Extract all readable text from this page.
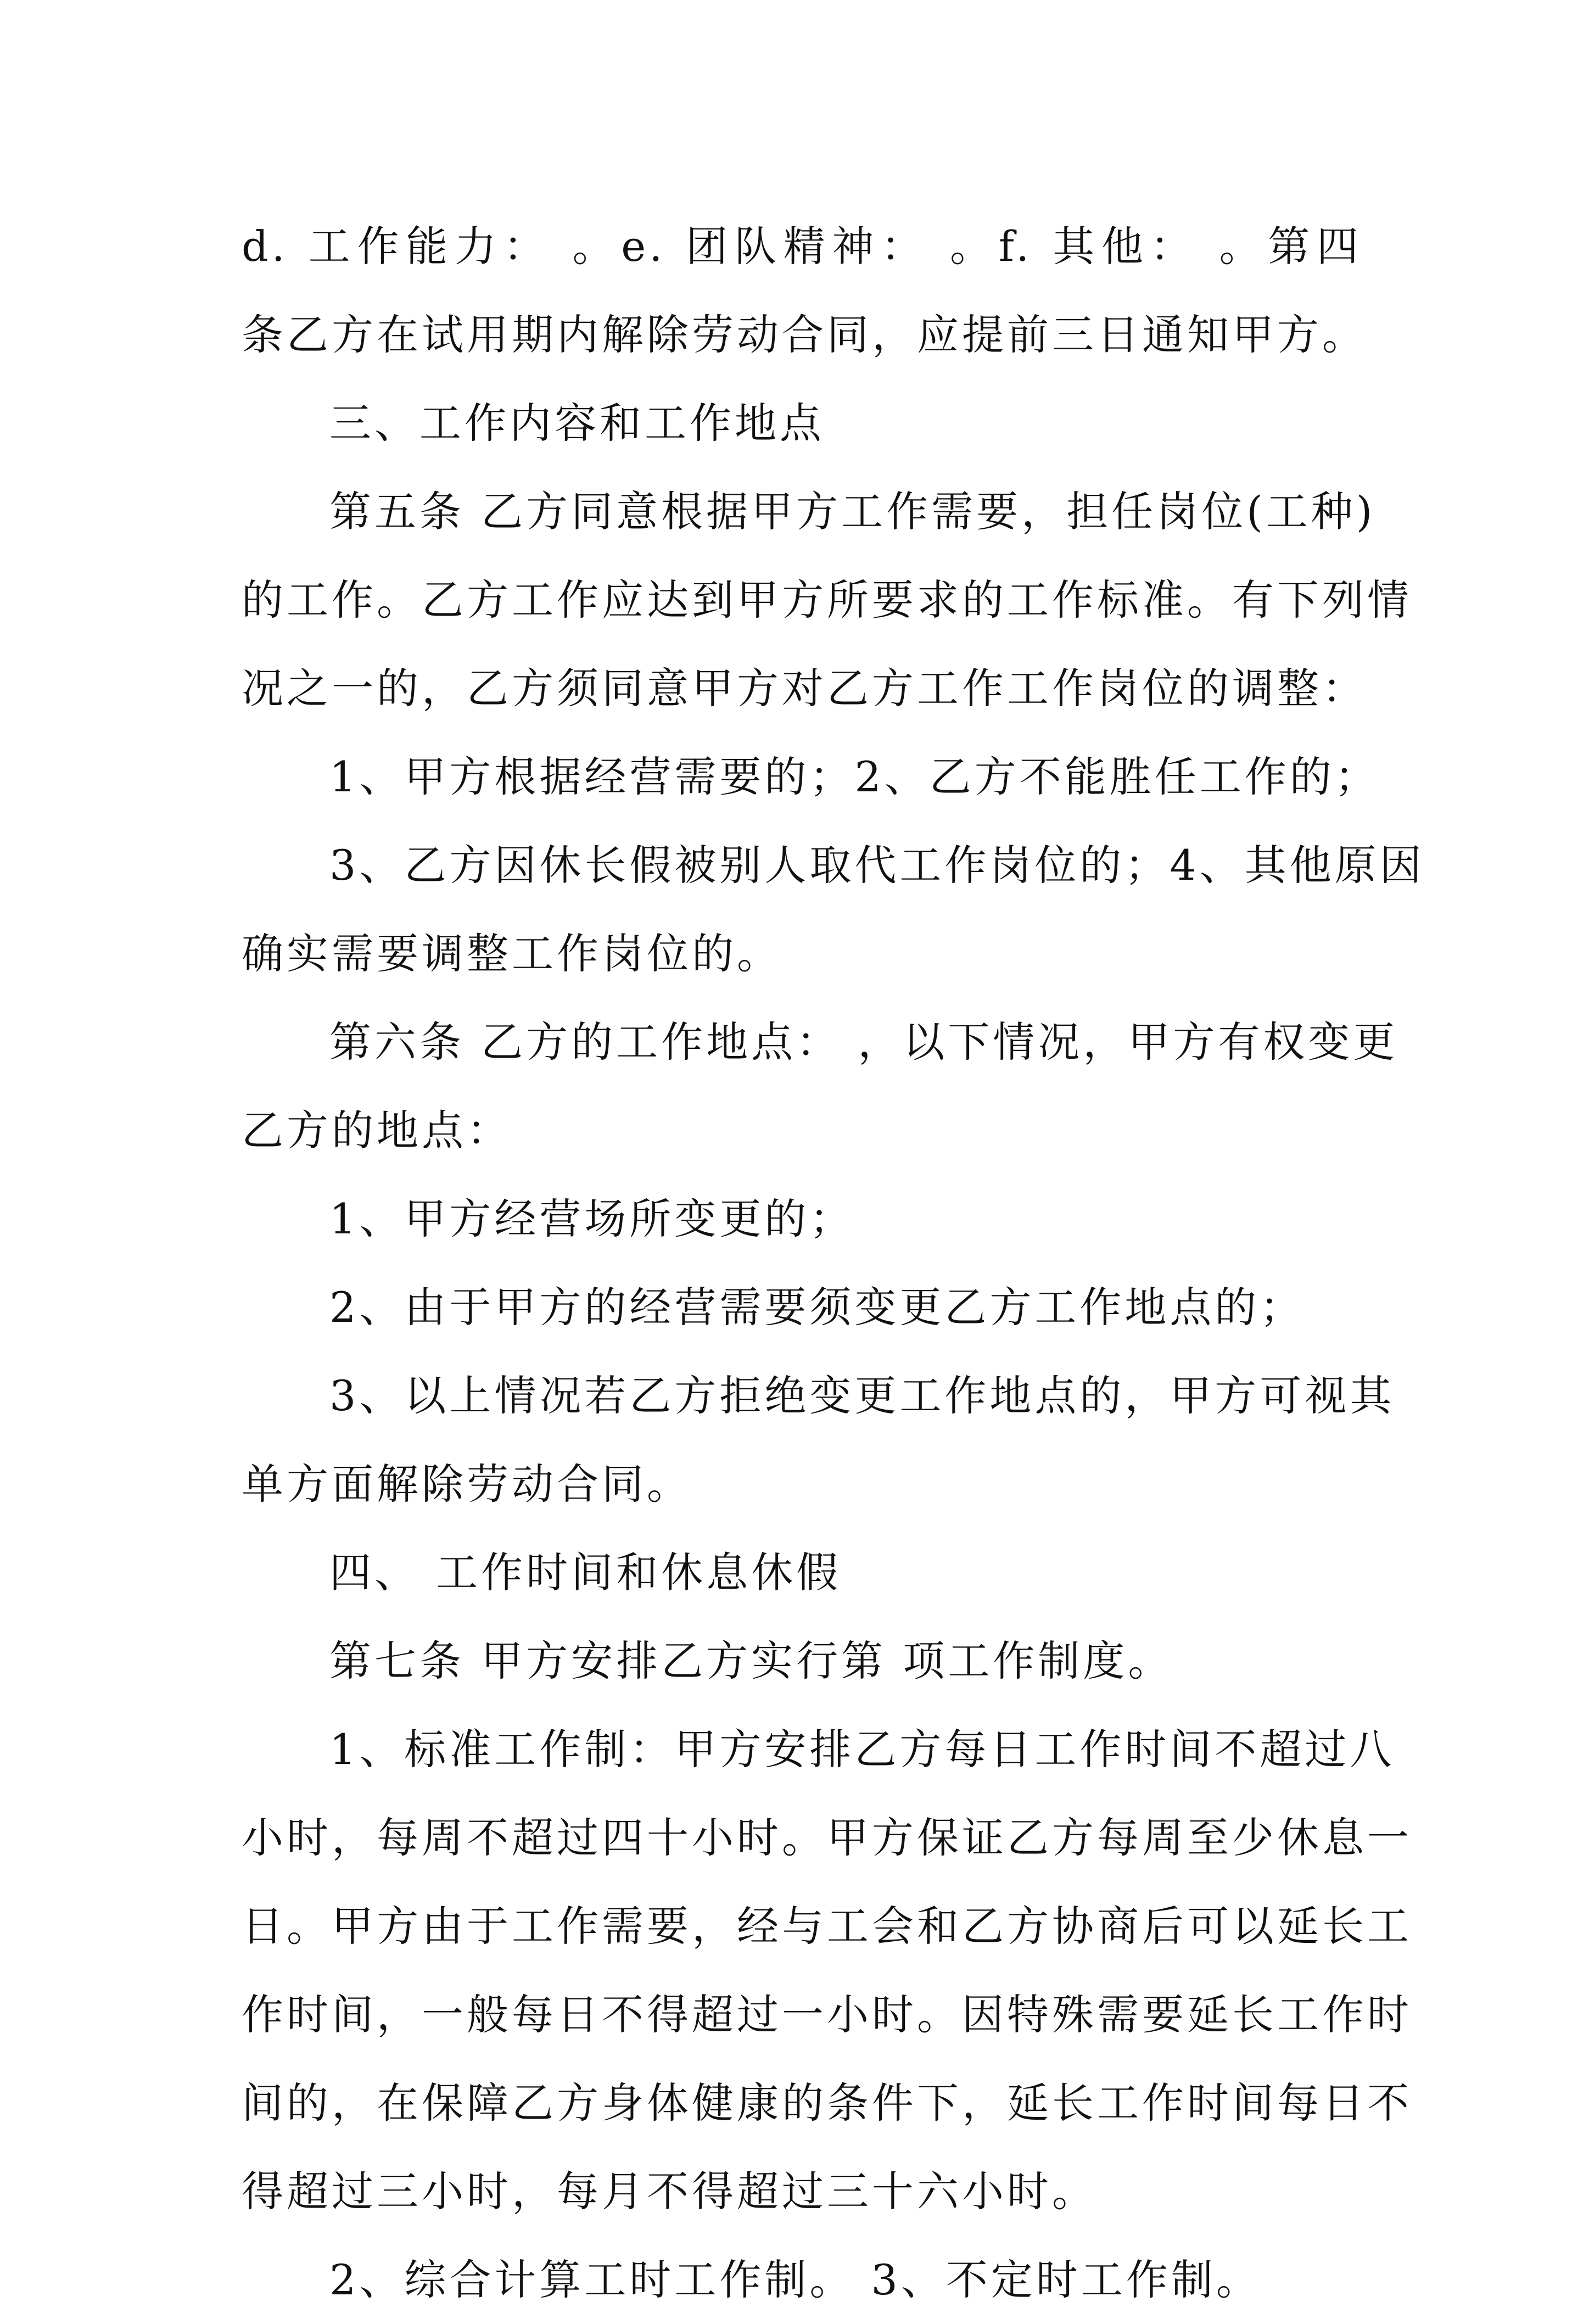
d. 工作能力： 。e. 团队精神： 。f. 其他： 。第四
条乙方在试用期内解除劳动合同，应提前三日通知甲方。
三、工作内容和工作地点
第五条 乙方同意根据甲方工作需要，担任岗位(工种)
的工作。乙方工作应达到甲方所要求的工作标准。有下列情
况之一的，乙方须同意甲方对乙方工作工作岗位的调整：
1、甲方根据经营需要的；2、乙方不能胜任工作的；
3、乙方因休长假被别人取代工作岗位的；4、其他原因
确实需要调整工作岗位的。
第六条 乙方的工作地点： ，以下情况，甲方有权变更
乙方的地点：
1、甲方经营场所变更的；
2、由于甲方的经营需要须变更乙方工作地点的；
3、以上情况若乙方拒绝变更工作地点的，甲方可视其
单方面解除劳动合同。
四、 工作时间和休息休假
第七条 甲方安排乙方实行第 项工作制度。
1、标准工作制：甲方安排乙方每日工作时间不超过八
小时，每周不超过四十小时。甲方保证乙方每周至少休息一
日。甲方由于工作需要，经与工会和乙方协商后可以延长工
作时间，一般每日不得超过一小时。因特殊需要延长工作时
间的，在保障乙方身体健康的条件下，延长工作时间每日不
得超过三小时，每月不得超过三十六小时。
2、综合计算工时工作制。 3、不定时工作制。
